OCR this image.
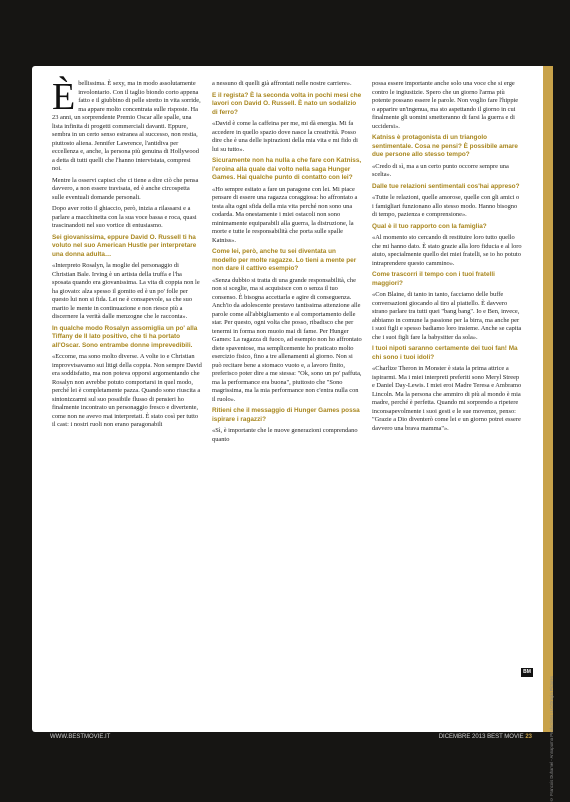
Èbellissima. È sexy, ma in modo assolutamente involontario. Con il taglio biondo corto appena fatto e il giubbino di pelle stretto in vita sorride, ma appare molto concentrata sulle risposte. Ha 23 anni, un sorprendente Premio Oscar alle spalle, una lista infinita di progetti commerciali davanti. Eppure, sembra in un certo senso estranea al successo, non restia, piuttosto aliena. Jennifer Lawrence, l'antidiva per eccellenza e, anche, la persona più genuina di Hollywood a detta di tutti quelli che l'hanno intervistata, compresi noi.

Mentre la osservi capisci che ci tiene a dire ciò che pensa davvero, a non essere travisata, ed è anche circospetta sulle eventuali domande personali.

Dopo aver rotto il ghiaccio, però, inizia a rilassarsi e a parlare a macchinetta con la sua voce bassa e roca, quasi trascinandoti nel suo vortice di entusiasmo.

Sei giovanissima, eppure David O. Russell ti ha voluto nel suo American Hustle per interpretare una donna adulta…

«Interpreto Rosalyn, la moglie del personaggio di Christian Bale. Irving è un artista della truffa e l'ha sposata quando era giovanissima. La vita di coppia non le ha giovato: alza spesso il gomito ed è un po' folle per questo lui non si fida. Lei ne è consapevole, sa che suo marito le mente in continuazione e non riesce più a discernere la verità dalle menzogne che le racconta».

In qualche modo Rosalyn assomiglia un po' alla Tiffany de Il lato positivo, che ti ha portato all'Oscar. Sono entrambe donne imprevedibili.

«Eccome, ma sono molto diverse. A volte io e Christian improvvisavamo sui litigi della coppia. Non sempre David era soddisfatto, ma non poteva opporsi argomentando che Rosalyn non avrebbe potuto comportarsi in quel modo, perché lei è completamente pazza. Quando sono riuscita a sintonizzarmi sul suo possibile flusso di pensieri ho finalmente incontrato un personaggio fresco e divertente, come non ne avevo mai interpretati. È stato così per tutto il cast: i nostri ruoli non erano paragonabili

a nessuno di quelli già affrontati nelle nostre carriere».

E il regista? È la seconda volta in pochi mesi che lavori con David O. Russell. È nato un sodalizio di ferro?

«David è come la caffeina per me, mi dà energia. Mi fa accedere in quello spazio dove nasce la creatività. Posso dire che è una delle ispirazioni della mia vita e mi fido di lui su tutto».

Sicuramente non ha nulla a che fare con Katniss, l'eroina alla quale dai volto nella saga Hunger Games. Hai qualche punto di contatto con lei?

«Ho sempre esitato a fare un paragone con lei. Mi piace pensare di essere una ragazza coraggiosa: ho affrontato a testa alta ogni sfida della mia vita perché non sono una codarda. Ma onestamente i miei ostacoli non sono minimamente equiparabili alla guerra, la distruzione, la morte e tutte le responsabilità che porta sulle spalle Katniss».

Come lei, però, anche tu sei diventata un modello per molte ragazze. Lo tieni a mente per non dare il cattivo esempio?

«Senza dubbio si tratta di una grande responsabilità, che non si sceglie, ma si acquisisce con o senza il tuo consenso. È bisogna accettarla e agire di conseguenza. Anch'io da adolescente prestavo tantissima attenzione alle parole come all'abbigliamento e al comportamento delle star. Per questo, ogni volta che posso, ribadisco che per tenermi in forma non muoio mai di fame. Per Hunger Games: La ragazza di fuoco, ad esempio non ho affrontato diete spaventose, ma semplicemente ho praticato molto esercizio fisico, fino a tre allenamenti al giorno. Non si può recitare bene a stomaco vuoto e, a lavoro finito, preferisco poter dire a me stessa: "Ok, sono un po' paffuta, ma la performance era buona", piuttosto che "Sono magrissima, ma la mia performance non c'entra nulla con il ruolo».

Ritieni che il messaggio di Hunger Games possa ispirare i ragazzi?

«Sì, è importante che le nuove generazioni comprendano quanto

possa essere importante anche solo una voce che si erge contro le ingiustizie. Spero che un giorno l'arma più potente possano essere le parole. Non voglio fare l'hippie o apparire un'ingenua, ma sto aspettando il giorno in cui finalmente gli uomini smetteranno di farsi la guerra e di uccidersi».

Katniss è protagonista di un triangolo sentimentale. Cosa ne pensi? È possibile amare due persone allo stesso tempo?

«Credo di sì, ma a un certo punto occorre sempre una scelta».

Dalle tue relazioni sentimentali cos'hai appreso?

«Tutte le relazioni, quelle amorose, quelle con gli amici o i famigliari funzionano allo stesso modo. Hanno bisogno di tempo, pazienza e comprensione».

Qual è il tuo rapporto con la famiglia?

«Al momento sto cercando di restituire loro tutto quello che mi hanno dato. È stato grazie alla loro fiducia e al loro aiuto, specialmente quello dei miei fratelli, se io ho potuto intraprendere questo cammino».

Come trascorri il tempo con i tuoi fratelli maggiori?

«Con Blaine, di tanto in tanto, facciamo delle buffe conversazioni giocando al tiro al piattello. È davvero strano parlare tra tutti quei "bang bang". Io e Ben, invece, abbiamo in comune la passione per la birra, ma anche per i suoi figli e spesso badiamo loro insieme. Anche se capita che i suoi figli fare la babysitter da sola».

I tuoi nipoti saranno certamente dei tuoi fan! Ma chi sono i tuoi idoli?

«Charlize Theron in Monster è stata la prima attrice a ispirarmi. Ma i miei interpreti preferiti sono Meryl Streep e Daniel Day-Lewis. I miei eroi Madre Teresa e Ambramo Lincoln. Ma la persona che ammiro di più al mondo è mia madre, perché è perfetta. Quando mi sorprendo a ripetere inconsapevolmente i suoi gesti e le sue movenze, penso: "Grazie a Dio diventerò come lei e un giorno potrei essere davvero una brava mamma"».

BM
© Francois Duhamel - Annapurna Productions LLC/Dragia Pictures
WWW.BESTMOVIE.IT	DICEMBRE 2013 BEST MOVIE 23
